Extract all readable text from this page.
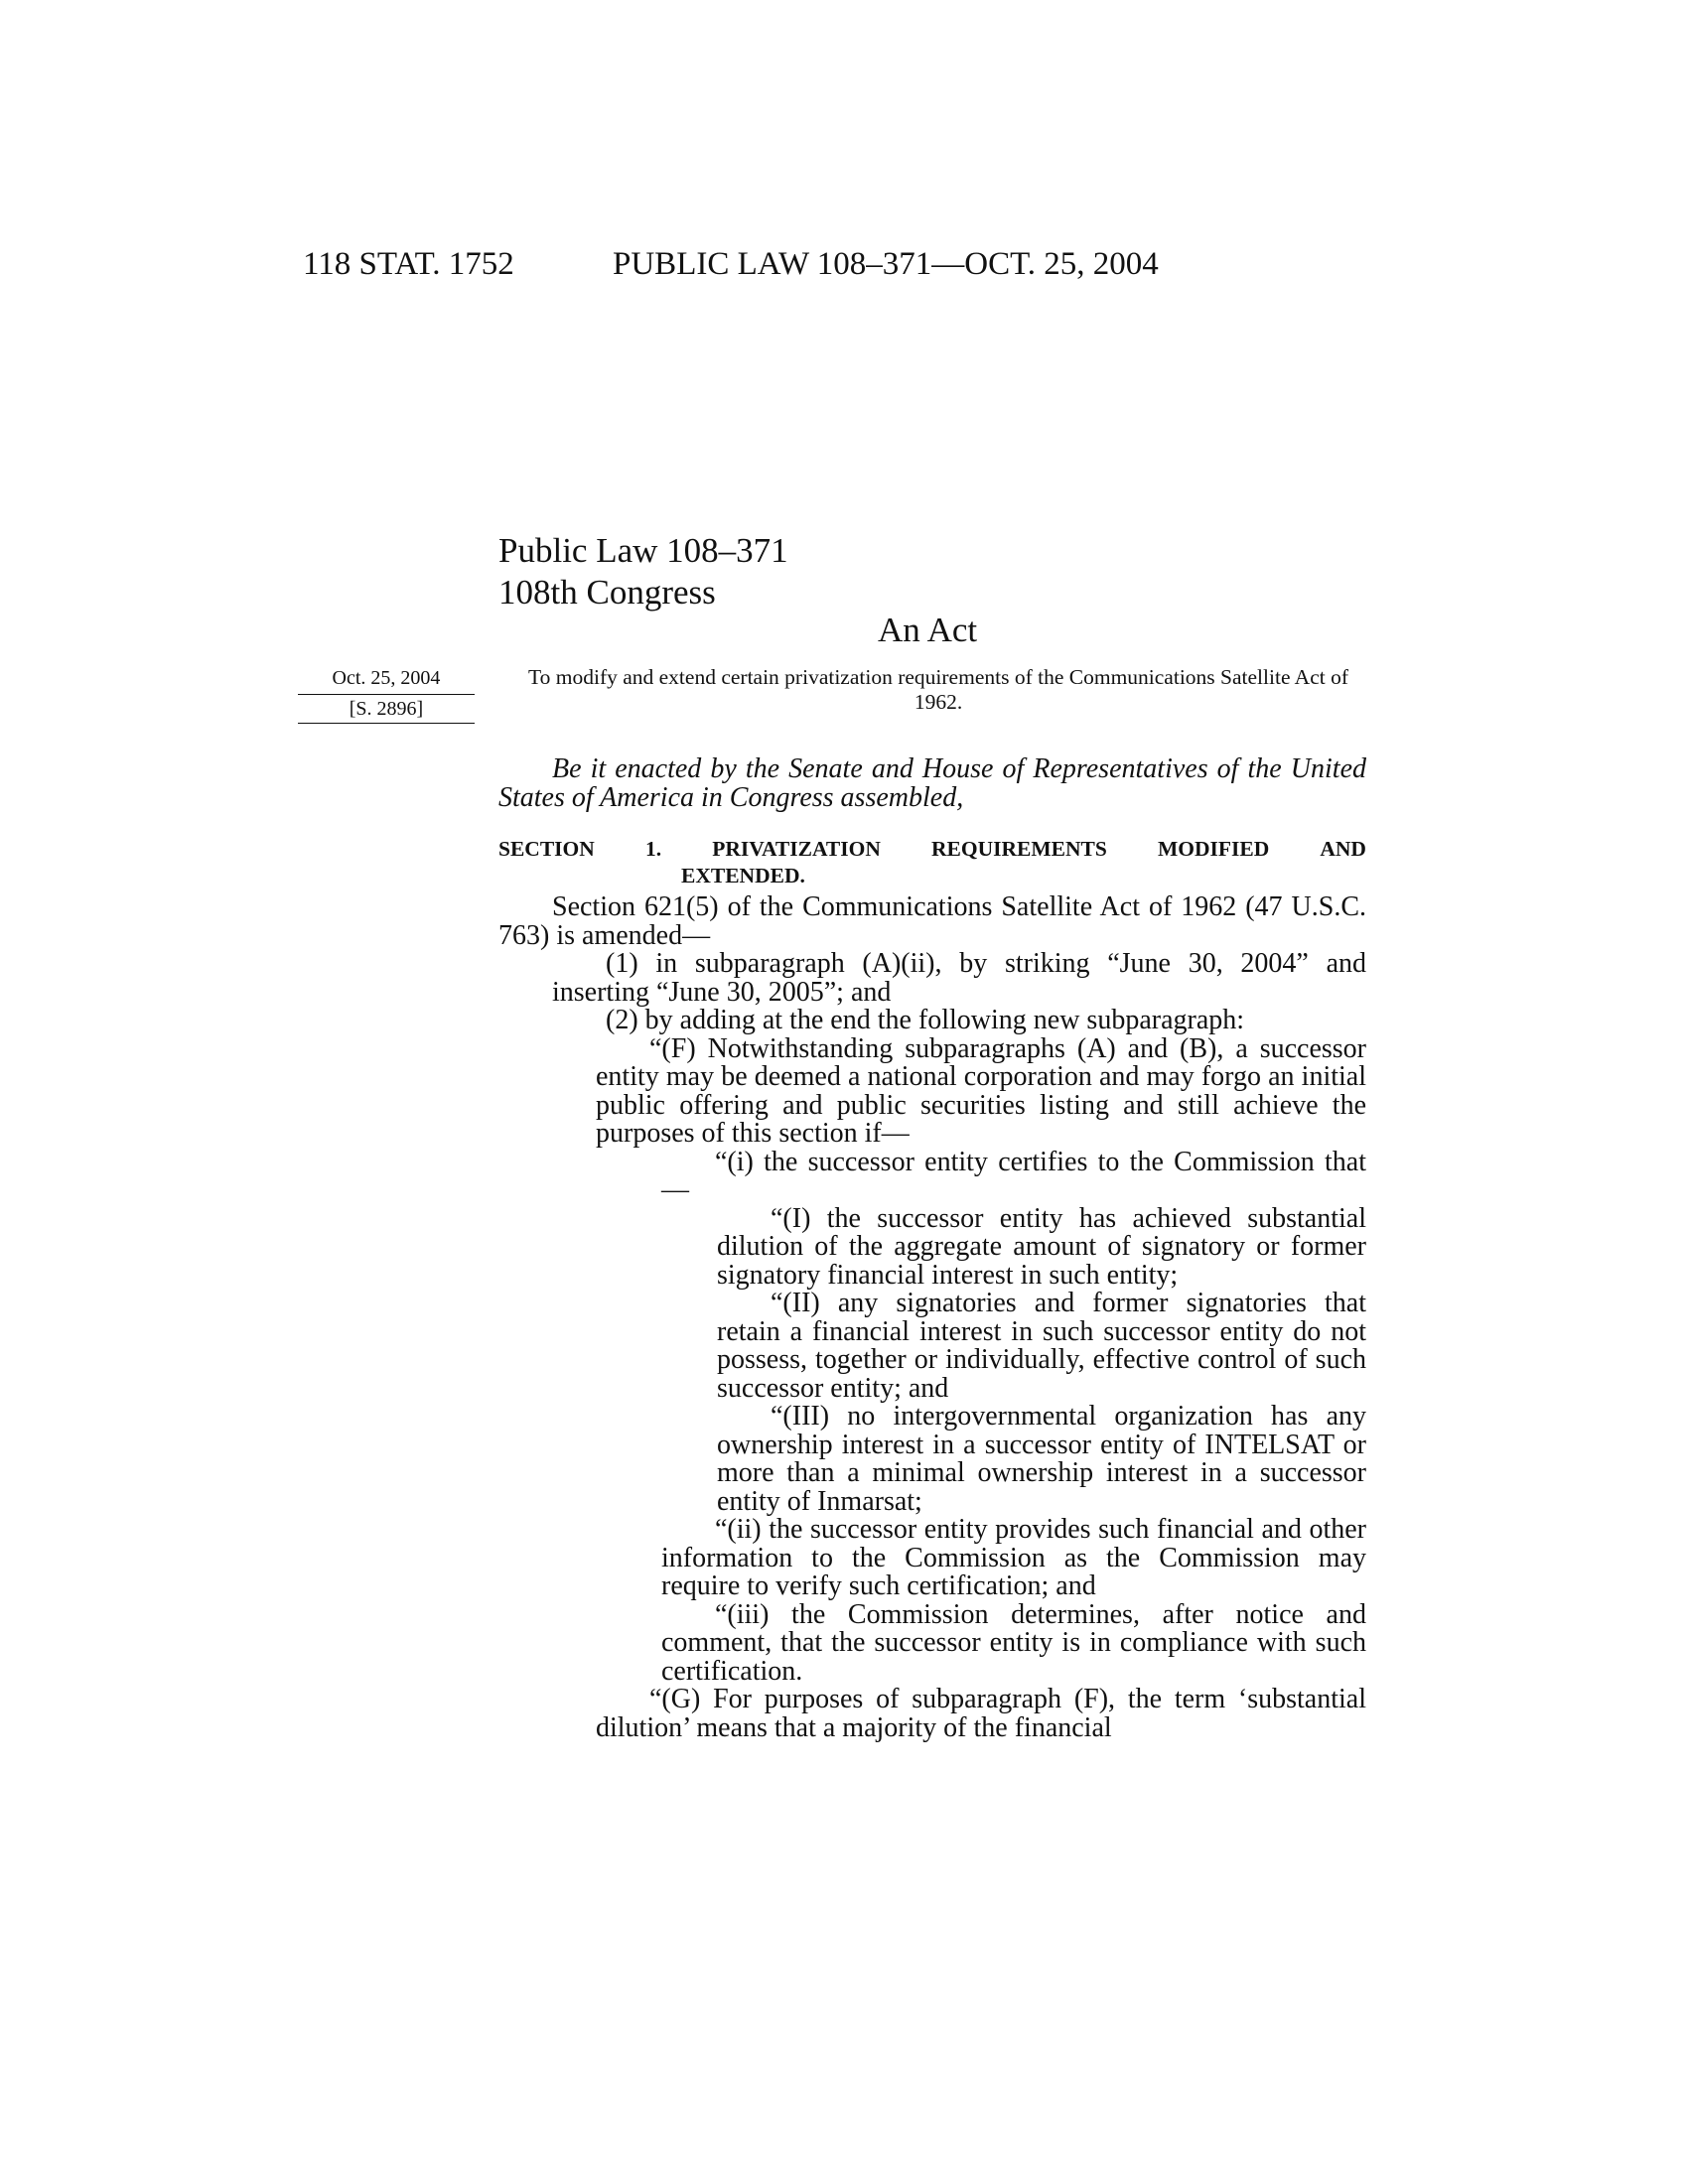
118 STAT. 1752	PUBLIC LAW 108–371—OCT. 25, 2004
Public Law 108–371
108th Congress
An Act
Oct. 25, 2004
[S. 2896]
To modify and extend certain privatization requirements of the Communications Satellite Act of 1962.
Be it enacted by the Senate and House of Representatives of the United States of America in Congress assembled,
SECTION 1. PRIVATIZATION REQUIREMENTS MODIFIED AND
EXTENDED.

Section 621(5) of the Communications Satellite Act of 1962 (47 U.S.C. 763) is amended—

(1) in subparagraph (A)(ii), by striking “June 30, 2004” and inserting “June 30, 2005”; and

(2) by adding at the end the following new subparagraph:

“(F) Notwithstanding subparagraphs (A) and (B), a successor entity may be deemed a national corporation and may forgo an initial public offering and public securities listing and still achieve the purposes of this section if—

“(i) the successor entity certifies to the Commission that—

“(I) the successor entity has achieved substantial dilution of the aggregate amount of signatory or former signatory financial interest in such entity;

“(II) any signatories and former signatories that retain a financial interest in such successor entity do not possess, together or individually, effective control of such successor entity; and

“(III) no intergovernmental organization has any ownership interest in a successor entity of INTELSAT or more than a minimal ownership interest in a successor entity of Inmarsat;

“(ii) the successor entity provides such financial and other information to the Commission as the Commission may require to verify such certification; and

“(iii) the Commission determines, after notice and comment, that the successor entity is in compliance with such certification.

“(G) For purposes of subparagraph (F), the term ‘substantial dilution’ means that a majority of the financial
